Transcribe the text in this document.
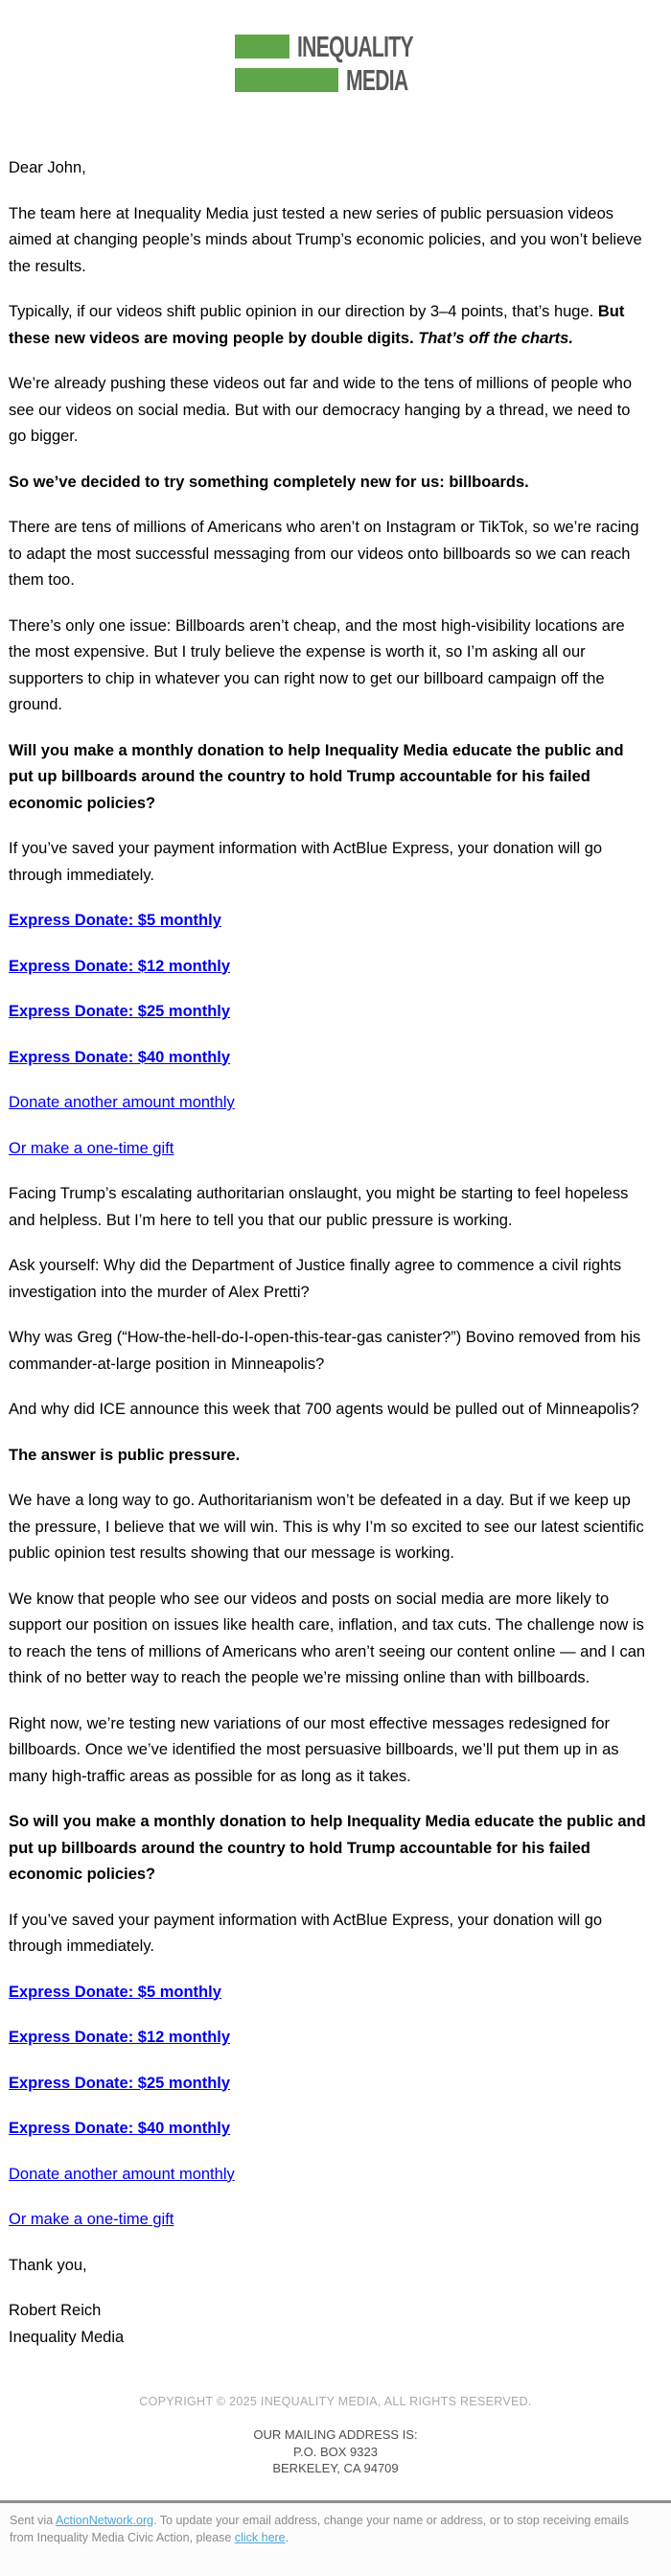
INEQUALITY
MEDIA

Dear John,

The team here at Inequality Media just tested a new series of public persuasion videos aimed at changing people’s minds about Trump’s economic policies, and you won’t believe the results.

Typically, if our videos shift public opinion in our direction by 3–4 points, that’s huge. But these new videos are moving people by double digits. That’s off the charts.

We’re already pushing these videos out far and wide to the tens of millions of people who see our videos on social media. But with our democracy hanging by a thread, we need to go bigger.

So we’ve decided to try something completely new for us: billboards.

There are tens of millions of Americans who aren’t on Instagram or TikTok, so we’re racing to adapt the most successful messaging from our videos onto billboards so we can reach them too.

There’s only one issue: Billboards aren’t cheap, and the most high-visibility locations are the most expensive. But I truly believe the expense is worth it, so I’m asking all our supporters to chip in whatever you can right now to get our billboard campaign off the ground.

Will you make a monthly donation to help Inequality Media educate the public and put up billboards around the country to hold Trump accountable for his failed economic policies?

If you’ve saved your payment information with ActBlue Express, your donation will go through immediately.

Express Donate: $5 monthly

Express Donate: $12 monthly

Express Donate: $25 monthly

Express Donate: $40 monthly

Donate another amount monthly

Or make a one-time gift

Facing Trump’s escalating authoritarian onslaught, you might be starting to feel hopeless and helpless. But I’m here to tell you that our public pressure is working.

Ask yourself: Why did the Department of Justice finally agree to commence a civil rights investigation into the murder of Alex Pretti?

Why was Greg (“How-the-hell-do-I-open-this-tear-gas canister?”) Bovino removed from his commander-at-large position in Minneapolis?

And why did ICE announce this week that 700 agents would be pulled out of Minneapolis?

The answer is public pressure.

We have a long way to go. Authoritarianism won’t be defeated in a day. But if we keep up the pressure, I believe that we will win. This is why I’m so excited to see our latest scientific public opinion test results showing that our message is working.

We know that people who see our videos and posts on social media are more likely to support our position on issues like health care, inflation, and tax cuts. The challenge now is to reach the tens of millions of Americans who aren’t seeing our content online — and I can think of no better way to reach the people we’re missing online than with billboards.

Right now, we’re testing new variations of our most effective messages redesigned for billboards. Once we’ve identified the most persuasive billboards, we’ll put them up in as many high-traffic areas as possible for as long as it takes.

So will you make a monthly donation to help Inequality Media educate the public and put up billboards around the country to hold Trump accountable for his failed economic policies?

If you’ve saved your payment information with ActBlue Express, your donation will go through immediately.

Express Donate: $5 monthly

Express Donate: $12 monthly

Express Donate: $25 monthly

Express Donate: $40 monthly

Donate another amount monthly

Or make a one-time gift

Thank you,

Robert Reich
Inequality Media

COPYRIGHT © 2025 INEQUALITY MEDIA, ALL RIGHTS RESERVED.
OUR MAILING ADDRESS IS:
P.O. BOX 9323
BERKELEY, CA 94709
Sent via ActionNetwork.org. To update your email address, change your name or address, or to stop receiving emails from Inequality Media Civic Action, please click here.
